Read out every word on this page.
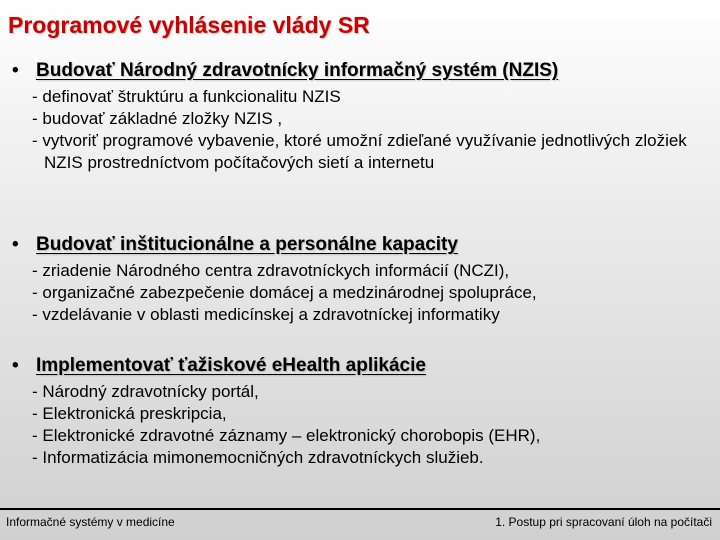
Programové vyhlásenie vlády SR
• Budovať Národný zdravotnícky informačný systém (NZIS)
- definovať štruktúru a funkcionalitu NZIS
- budovať základné zložky NZIS ,
- vytvoriť programové vybavenie, ktoré umožní zdieľané využívanie jednotlivých zložiek NZIS prostredníctvom počítačových sietí a internetu
• Budovať inštitucionálne a personálne kapacity
- zriadenie Národného centra zdravotníckych informácií (NCZI),
- organizačné zabezpečenie domácej a medzinárodnej spolupráce,
- vzdelávanie v oblasti medicínskej a zdravotníckej informatiky
• Implementovať ťažiskové eHealth aplikácie
- Národný zdravotnícky portál,
- Elektronická preskripcia,
- Elektronické zdravotné záznamy – elektronický chorobopis (EHR),
- Informatizácia mimonemocničných zdravotníckych služieb.
Informačné systémy v medicíne	1. Postup pri spracovaní úloh na počítači
